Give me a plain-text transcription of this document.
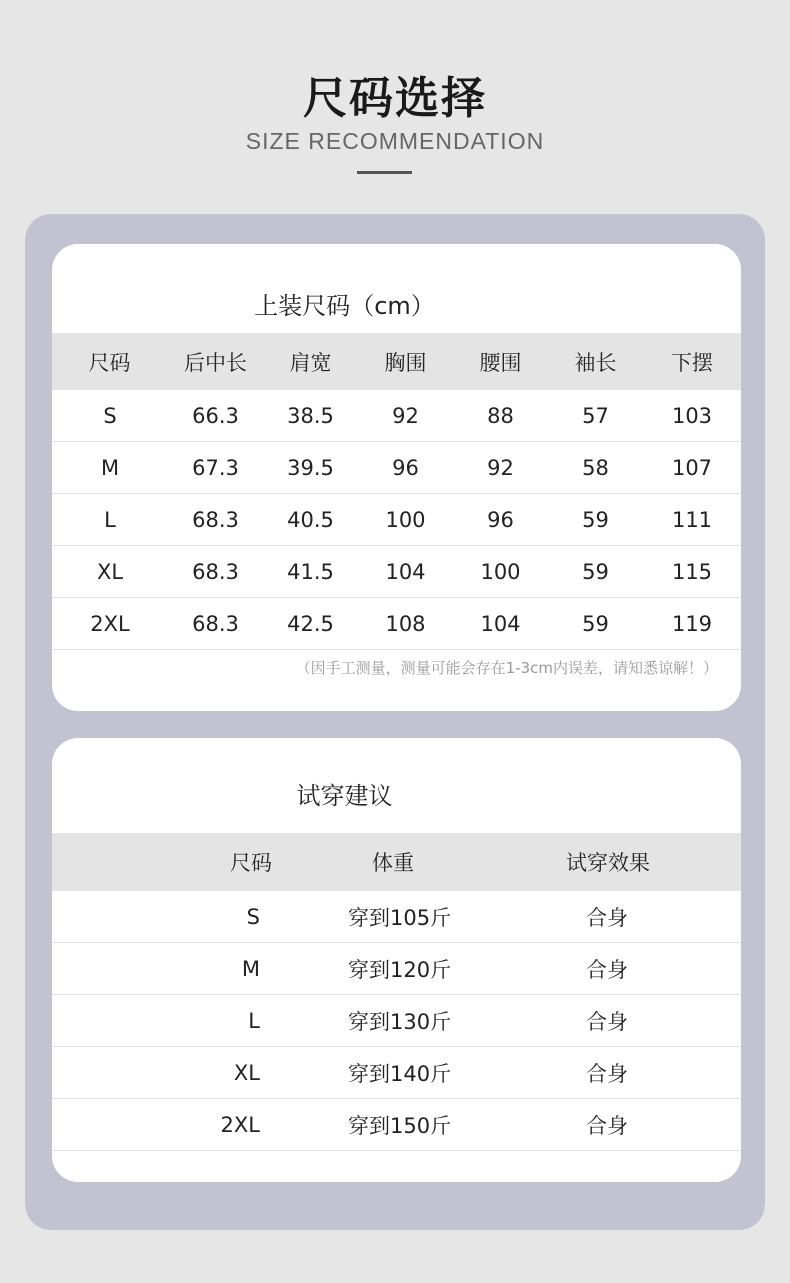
尺码选择
SIZE RECOMMENDATION
上装尺码（cm）
尺码	后中长	肩宽	胸围	腰围	袖长	下摆
S	66.3	38.5	92	88	57	103
M	67.3	39.5	96	92	58	107
L	68.3	40.5	100	96	59	111
XL	68.3	41.5	104	100	59	115
2XL	68.3	42.5	108	104	59	119
（因手工测量，测量可能会存在1-3cm内误差，请知悉谅解！）
试穿建议
尺码	体重	试穿效果
S	穿到105斤	合身
M	穿到120斤	合身
L	穿到130斤	合身
XL	穿到140斤	合身
2XL	穿到150斤	合身
